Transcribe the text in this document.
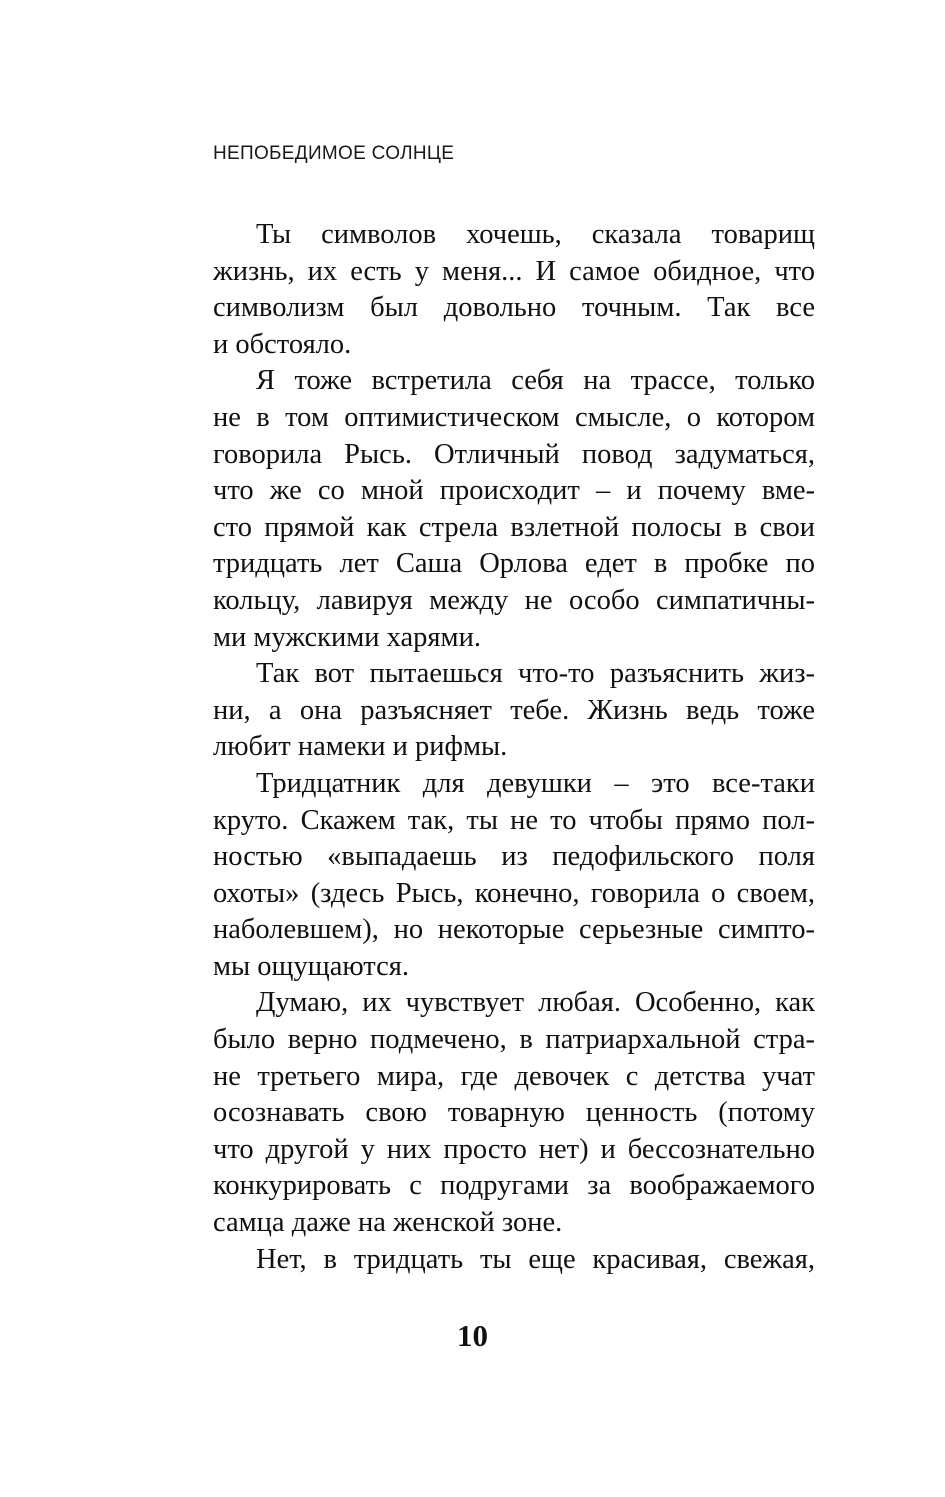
НЕПОБЕДИМОЕ СОЛНЦЕ
Ты символов хочешь, сказала товарищ
жизнь, их есть у меня... И самое обидное, что
символизм был довольно точным. Так все
и обстояло.
Я тоже встретила себя на трассе, только
не в том оптимистическом смысле, о котором
говорила Рысь. Отличный повод задуматься,
что же со мной происходит – и почему вме-
сто прямой как стрела взлетной полосы в свои
тридцать лет Саша Орлова едет в пробке по
кольцу, лавируя между не особо симпатичны-
ми мужскими харями.
Так вот пытаешься что-то разъяснить жиз-
ни, а она разъясняет тебе. Жизнь ведь тоже
любит намеки и рифмы.
Тридцатник для девушки – это все-таки
круто. Скажем так, ты не то чтобы прямо пол-
ностью «выпадаешь из педофильского поля
охоты» (здесь Рысь, конечно, говорила о своем,
наболевшем), но некоторые серьезные симпто-
мы ощущаются.
Думаю, их чувствует любая. Особенно, как
было верно подмечено, в патриархальной стра-
не третьего мира, где девочек с детства учат
осознавать свою товарную ценность (потому
что другой у них просто нет) и бессознательно
конкурировать с подругами за воображаемого
самца даже на женской зоне.
Нет, в тридцать ты еще красивая, свежая,
10
